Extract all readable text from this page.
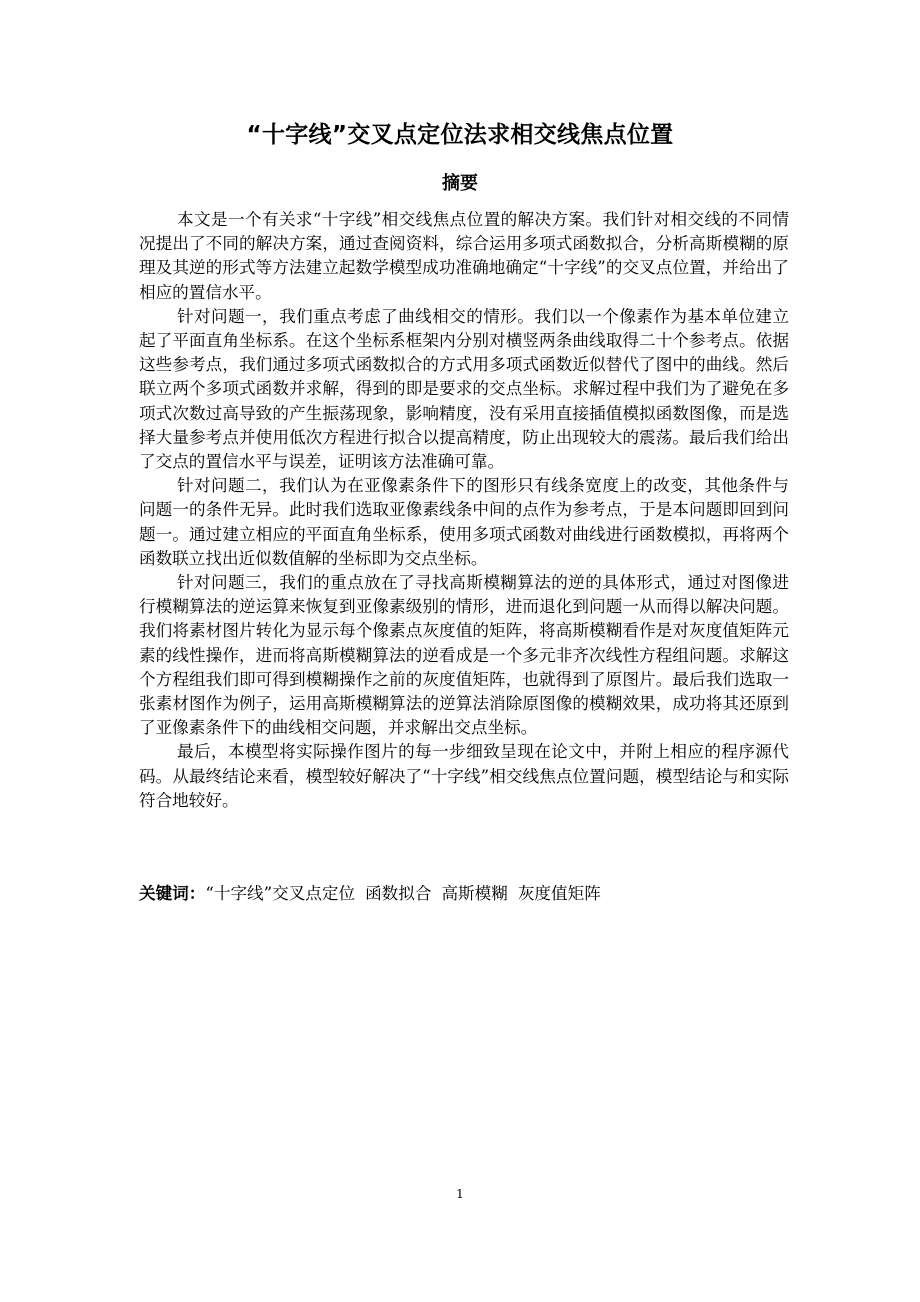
“十字线”交叉点定位法求相交线焦点位置
摘要

本文是一个有关求“十字线”相交线焦点位置的解决方案。我们针对相交线的不同情况提出了不同的解决方案，通过查阅资料，综合运用多项式函数拟合，分析高斯模糊的原理及其逆的形式等方法建立起数学模型成功准确地确定“十字线”的交叉点位置，并给出了相应的置信水平。

针对问题一，我们重点考虑了曲线相交的情形。我们以一个像素作为基本单位建立起了平面直角坐标系。在这个坐标系框架内分别对横竖两条曲线取得二十个参考点。依据这些参考点，我们通过多项式函数拟合的方式用多项式函数近似替代了图中的曲线。然后联立两个多项式函数并求解，得到的即是要求的交点坐标。求解过程中我们为了避免在多项式次数过高导致的产生振荡现象，影响精度，没有采用直接插值模拟函数图像，而是选择大量参考点并使用低次方程进行拟合以提高精度，防止出现较大的震荡。最后我们给出了交点的置信水平与误差，证明该方法准确可靠。

针对问题二，我们认为在亚像素条件下的图形只有线条宽度上的改变，其他条件与问题一的条件无异。此时我们选取亚像素线条中间的点作为参考点，于是本问题即回到问题一。通过建立相应的平面直角坐标系，使用多项式函数对曲线进行函数模拟，再将两个函数联立找出近似数值解的坐标即为交点坐标。

针对问题三，我们的重点放在了寻找高斯模糊算法的逆的具体形式，通过对图像进行模糊算法的逆运算来恢复到亚像素级别的情形，进而退化到问题一从而得以解决问题。我们将素材图片转化为显示每个像素点灰度值的矩阵，将高斯模糊看作是对灰度值矩阵元素的线性操作，进而将高斯模糊算法的逆看成是一个多元非齐次线性方程组问题。求解这个方程组我们即可得到模糊操作之前的灰度值矩阵，也就得到了原图片。最后我们选取一张素材图作为例子，运用高斯模糊算法的逆算法消除原图像的模糊效果，成功将其还原到了亚像素条件下的曲线相交问题，并求解出交点坐标。

最后，本模型将实际操作图片的每一步细致呈现在论文中，并附上相应的程序源代码。从最终结论来看，模型较好解决了“十字线”相交线焦点位置问题，模型结论与和实际符合地较好。

关键词：“十字线”交叉点定位 函数拟合 高斯模糊 灰度值矩阵
1
